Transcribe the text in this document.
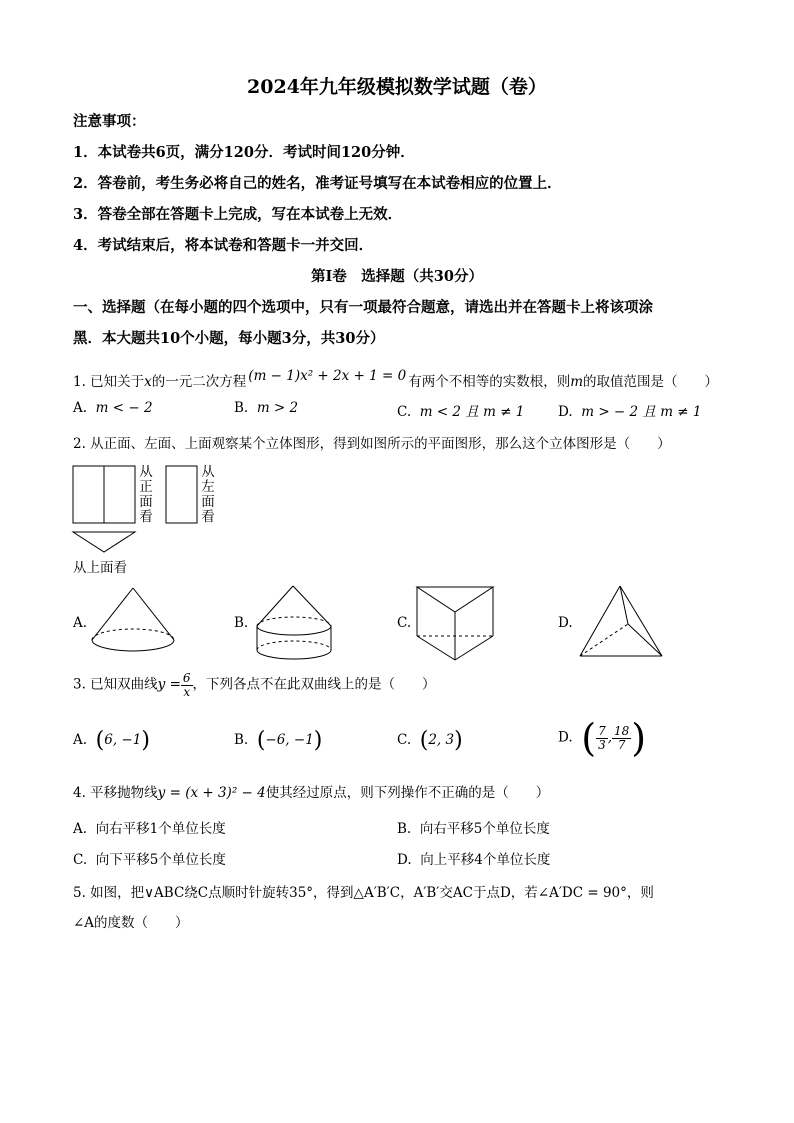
2024年九年级模拟数学试题（卷）
注意事项：
1．本试卷共6页，满分120分．考试时间120分钟．
2．答卷前，考生务必将自己的姓名，准考证号填写在本试卷相应的位置上．
3．答卷全部在答题卡上完成，写在本试卷上无效．
4．考试结束后，将本试卷和答题卡一并交回．
第Ⅰ卷　选择题（共30分）
一、选择题（在每小题的四个选项中，只有一项最符合题意，请选出并在答题卡上将该项涂
黑．本大题共10个小题，每小题3分，共30分）
1. 已知关于x的一元二次方程 (m − 1)x² + 2x + 1 = 0 有两个不相等的实数根，则m的取值范围是（　　）
A. m < − 2	B. m > 2	C. m < 2 且 m ≠ 1 D. m > − 2 且 m ≠ 1
2. 从正面、左面、上面观察某个立体图形，得到如图所示的平面图形，那么这个立体图形是（　　）
从
正
面
看
从
左
面
看
从上面看
A.	B.	C.	D.
3. 已知双曲线$y = \frac{6}{x}$ ，下列各点不在此双曲线上的是（　　）
A. (6, −1)	B. (−6, −1)	C. (2, 3)	D. ( $\frac{7}{3}$ , $\frac{18}{7}$ )
4. 平移抛物线y = (x + 3)² − 4使其经过原点，则下列操作不正确的是（　　）
A. 向右平移1个单位长度	B. 向右平移5个单位长度
C. 向下平移5个单位长度	D. 向上平移4个单位长度
5. 如图，把∨ABC绕C点顺时针旋转35°，得到△A′B′C，A′B′交AC于点D，若∠A′DC = 90°，则
∠A的度数（　　）
